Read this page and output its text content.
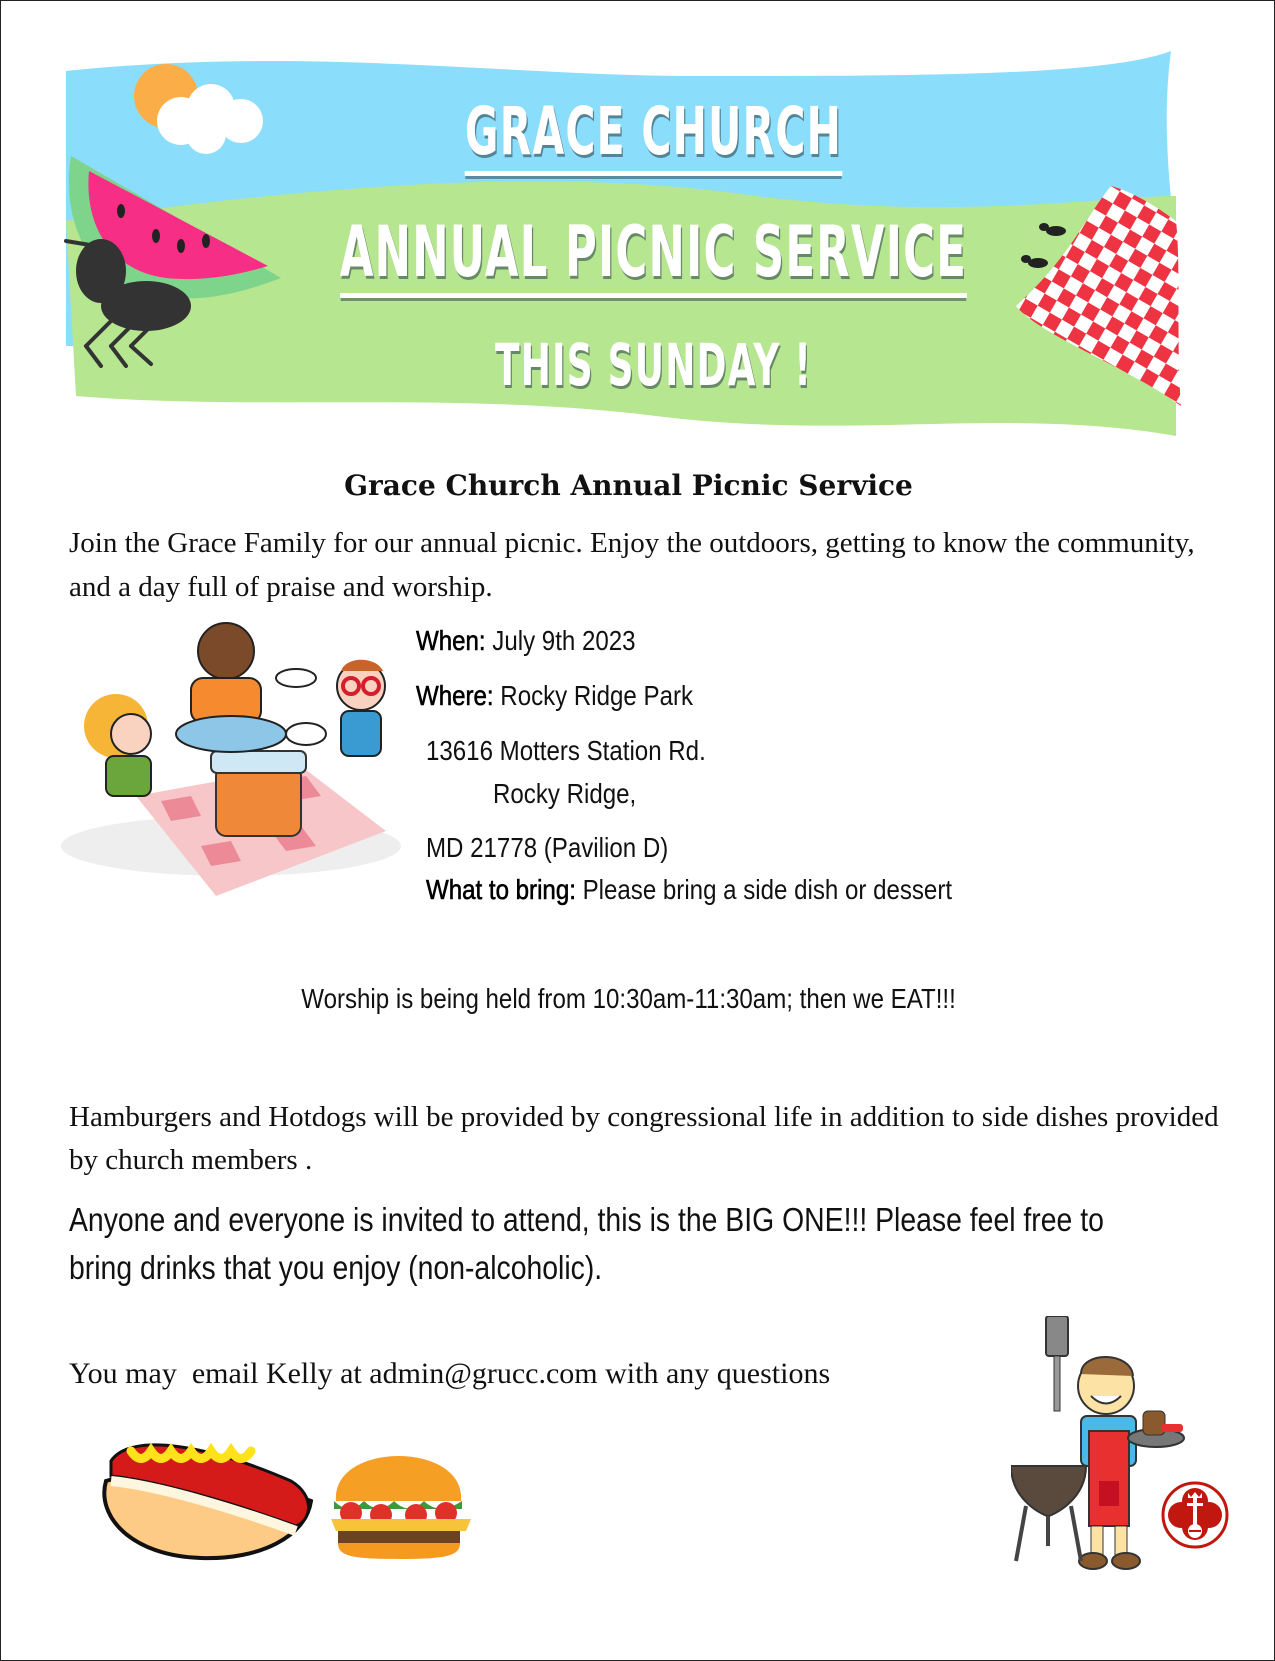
GRACE CHURCH
ANNUAL PICNIC SERVICE
THIS SUNDAY !
Grace Church Annual Picnic Service
Join the Grace Family for our annual picnic. Enjoy the outdoors, getting to know the community, and a day full of praise and worship.
When: July 9th 2023
Where: Rocky Ridge Park
13616 Motters Station Rd.
Rocky Ridge,
MD 21778 (Pavilion D)
What to bring: Please bring a side dish or dessert
Worship is being held from 10:30am-11:30am; then we EAT!!!
Hamburgers and Hotdogs will be provided by congressional life in addition to side dishes provided by church members .
Anyone and everyone is invited to attend, this is the BIG ONE!!! Please feel free to bring drinks that you enjoy (non-alcoholic).
You may  email Kelly at admin@grucc.com with any questions
